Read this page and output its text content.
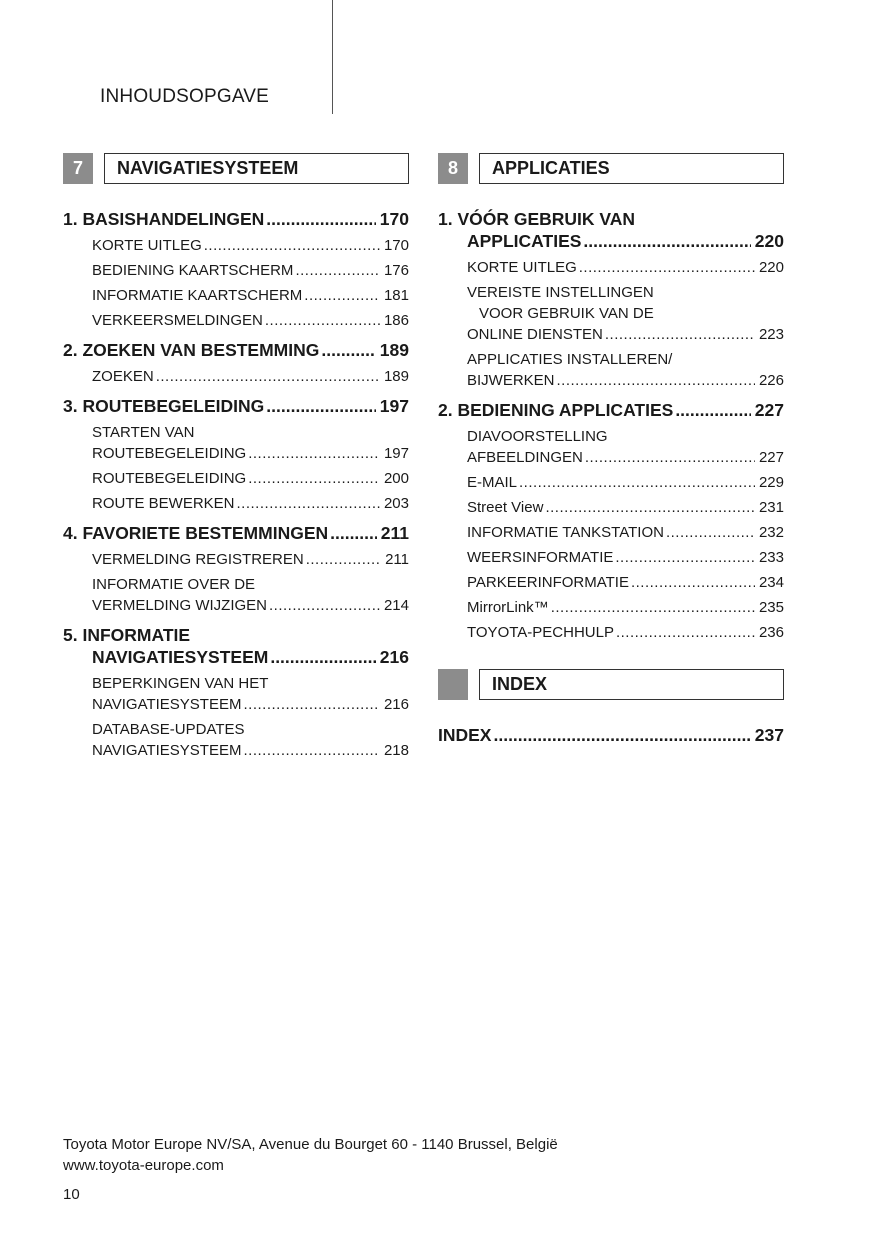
INHOUDSOPGAVE
7	NAVIGATIESYSTEEM
1. BASISHANDELINGEN .....	170
KORTE UITLEG .....	170
BEDIENING KAARTSCHERM .....	176
INFORMATIE KAARTSCHERM .....	181
VERKEERSMELDINGEN .....	186
2. ZOEKEN VAN BESTEMMING .....	189
ZOEKEN .....	189
3. ROUTEBEGELEIDING .....	197
STARTEN VAN
ROUTEBEGELEIDING .....	197
ROUTEBEGELEIDING .....	200
ROUTE BEWERKEN .....	203
4. FAVORIETE BESTEMMINGEN .....	211
VERMELDING REGISTREREN .....	211
INFORMATIE OVER DE
VERMELDING WIJZIGEN .....	214
5. INFORMATIE
NAVIGATIESYSTEEM .....	216
BEPERKINGEN VAN HET
NAVIGATIESYSTEEM .....	216
DATABASE-UPDATES
NAVIGATIESYSTEEM .....	218
8	APPLICATIES
1. VÓÓR GEBRUIK VAN
APPLICATIES .....	220
KORTE UITLEG .....	220
VEREISTE INSTELLINGEN
VOOR GEBRUIK VAN DE
ONLINE DIENSTEN .....	223
APPLICATIES INSTALLEREN/
BIJWERKEN .....	226
2. BEDIENING APPLICATIES .....	227
DIAVOORSTELLING
AFBEELDINGEN .....	227
E-MAIL .....	229
Street View .....	231
INFORMATIE TANKSTATION .....	232
WEERSINFORMATIE .....	233
PARKEERINFORMATIE .....	234
MirrorLink™ .....	235
TOYOTA-PECHHULP .....	236
INDEX
INDEX .....	237
Toyota Motor Europe NV/SA, Avenue du Bourget 60 - 1140 Brussel, België
www.toyota-europe.com
10
